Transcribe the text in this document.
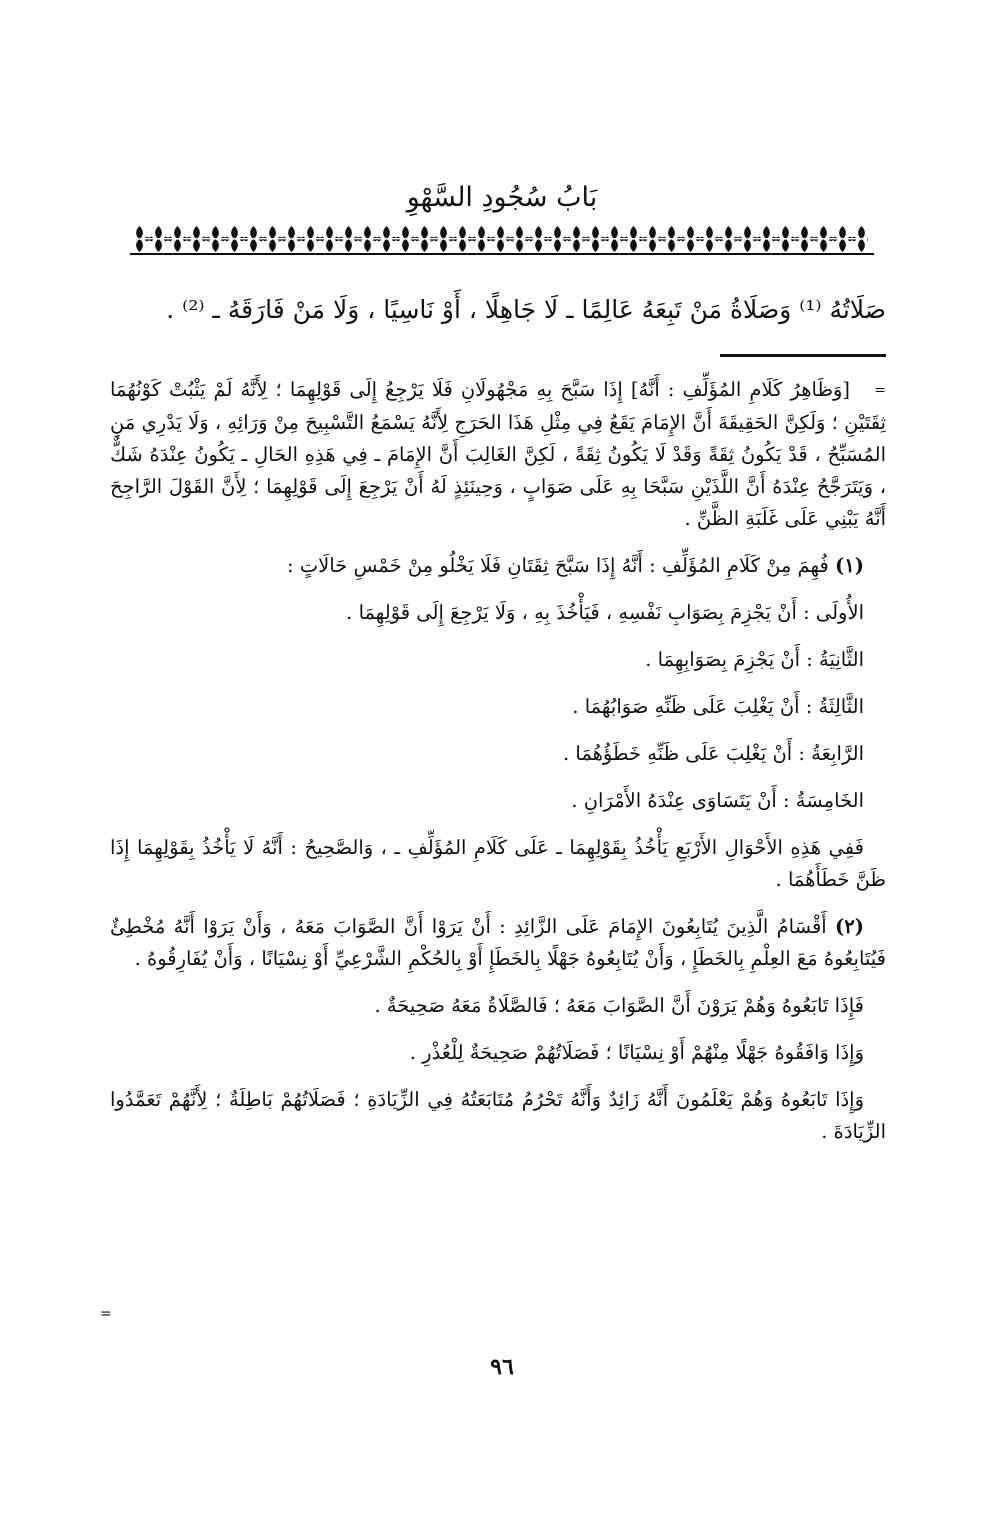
بَابُ سُجُودِ السَّهْوِ
صَلَاتُهُ ⁽¹⁾ وَصَلَاةُ مَنْ تَبِعَهُ عَالِمًا ـ لَا جَاهِلًا ، أَوْ نَاسِيًا ، وَلَا مَنْ فَارَقَهُ ـ ⁽²⁾ .

=   [وَظَاهِرُ كَلَامِ المُؤَلِّفِ : أَنَّهُ] إِذَا سَبَّحَ بِهِ مَجْهُولَانِ فَلَا يَرْجِعُ إِلَى قَوْلِهِمَا ؛ لِأَنَّهُ لَمْ يَثْبُتْ كَوْنُهُمَا ثِقَتَيْنِ ؛ وَلَكِنَّ الحَقِيقَةَ أَنَّ الإِمَامَ يَقَعُ فِي مِثْلِ هَذَا الحَرَجِ لِأَنَّهُ يَسْمَعُ التَّسْبِيحَ مِنْ وَرَائِهِ ، وَلَا يَدْرِي مَنِ المُسَبِّحُ ، قَدْ يَكُونُ ثِقَةً وَقَدْ لَا يَكُونُ ثِقَةً ، لَكِنَّ الغَالِبَ أَنَّ الإِمَامَ ـ فِي هَذِهِ الحَالِ ـ يَكُونُ عِنْدَهُ شَكٌّ ، وَيَتَرَجَّحُ عِنْدَهُ أَنَّ اللَّذَيْنِ سَبَّحَا بِهِ عَلَى صَوَابٍ ، وَحِينَئِذٍ لَهُ أَنْ يَرْجِعَ إِلَى قَوْلِهِمَا ؛ لِأَنَّ القَوْلَ الرَّاجِحَ أَنَّهُ يَبْنِي عَلَى غَلَبَةِ الظَّنِّ .

(١) فُهِمَ مِنْ كَلَامِ المُؤَلِّفِ : أَنَّهُ إِذَا سَبَّحَ ثِقَتَانِ فَلَا يَخْلُو مِنْ خَمْسِ حَالَاتٍ :

الأُولَى : أَنْ يَجْزِمَ بِصَوَابِ نَفْسِهِ ، فَيَأْخُذَ بِهِ ، وَلَا يَرْجِعَ إِلَى قَوْلِهِمَا .

الثَّانِيَةُ : أَنْ يَجْزِمَ بِصَوَابِهِمَا .

الثَّالِثَةُ : أَنْ يَغْلِبَ عَلَى ظَنِّهِ صَوَابُهُمَا .

الرَّابِعَةُ : أَنْ يَغْلِبَ عَلَى ظَنِّهِ خَطَؤُهُمَا .

الخَامِسَةُ : أَنْ يَتَسَاوَى عِنْدَهُ الأَمْرَانِ .

فَفِي هَذِهِ الأَحْوَالِ الأَرْبَعِ يَأْخُذُ بِقَوْلِهِمَا ـ عَلَى كَلَامِ المُؤَلِّفِ ـ ، وَالصَّحِيحُ : أَنَّهُ لَا يَأْخُذُ بِقَوْلِهِمَا إِذَا ظَنَّ خَطَأَهُمَا .

(٢) أَقْسَامُ الَّذِينَ يُتَابِعُونَ الإِمَامَ عَلَى الزَّائِدِ : أَنْ يَرَوْا أَنَّ الصَّوَابَ مَعَهُ ، وَأَنْ يَرَوْا أَنَّهُ مُخْطِئٌ فَيُتَابِعُوهُ مَعَ العِلْمِ بِالخَطَإِ ، وَأَنْ يُتَابِعُوهُ جَهْلًا بِالخَطَإِ أَوْ بِالحُكْمِ الشَّرْعِيِّ أَوْ نِسْيَانًا ، وَأَنْ يُفَارِقُوهُ .

فَإِذَا تَابَعُوهُ وَهُمْ يَرَوْنَ أَنَّ الصَّوَابَ مَعَهُ ؛ فَالصَّلَاةُ مَعَهُ صَحِيحَةٌ .

وَإِذَا وَافَقُوهُ جَهْلًا مِنْهُمْ أَوْ نِسْيَانًا ؛ فَصَلَاتُهُمْ صَحِيحَةٌ لِلْعُذْرِ .

وَإِذَا تَابَعُوهُ وَهُمْ يَعْلَمُونَ أَنَّهُ زَائِدٌ وَأَنَّهُ تَحْرُمُ مُتَابَعَتُهُ فِي الزِّيَادَةِ ؛ فَصَلَاتُهُمْ بَاطِلَةٌ ؛ لِأَنَّهُمْ تَعَمَّدُوا الزِّيَادَةَ .

=
٩٦
